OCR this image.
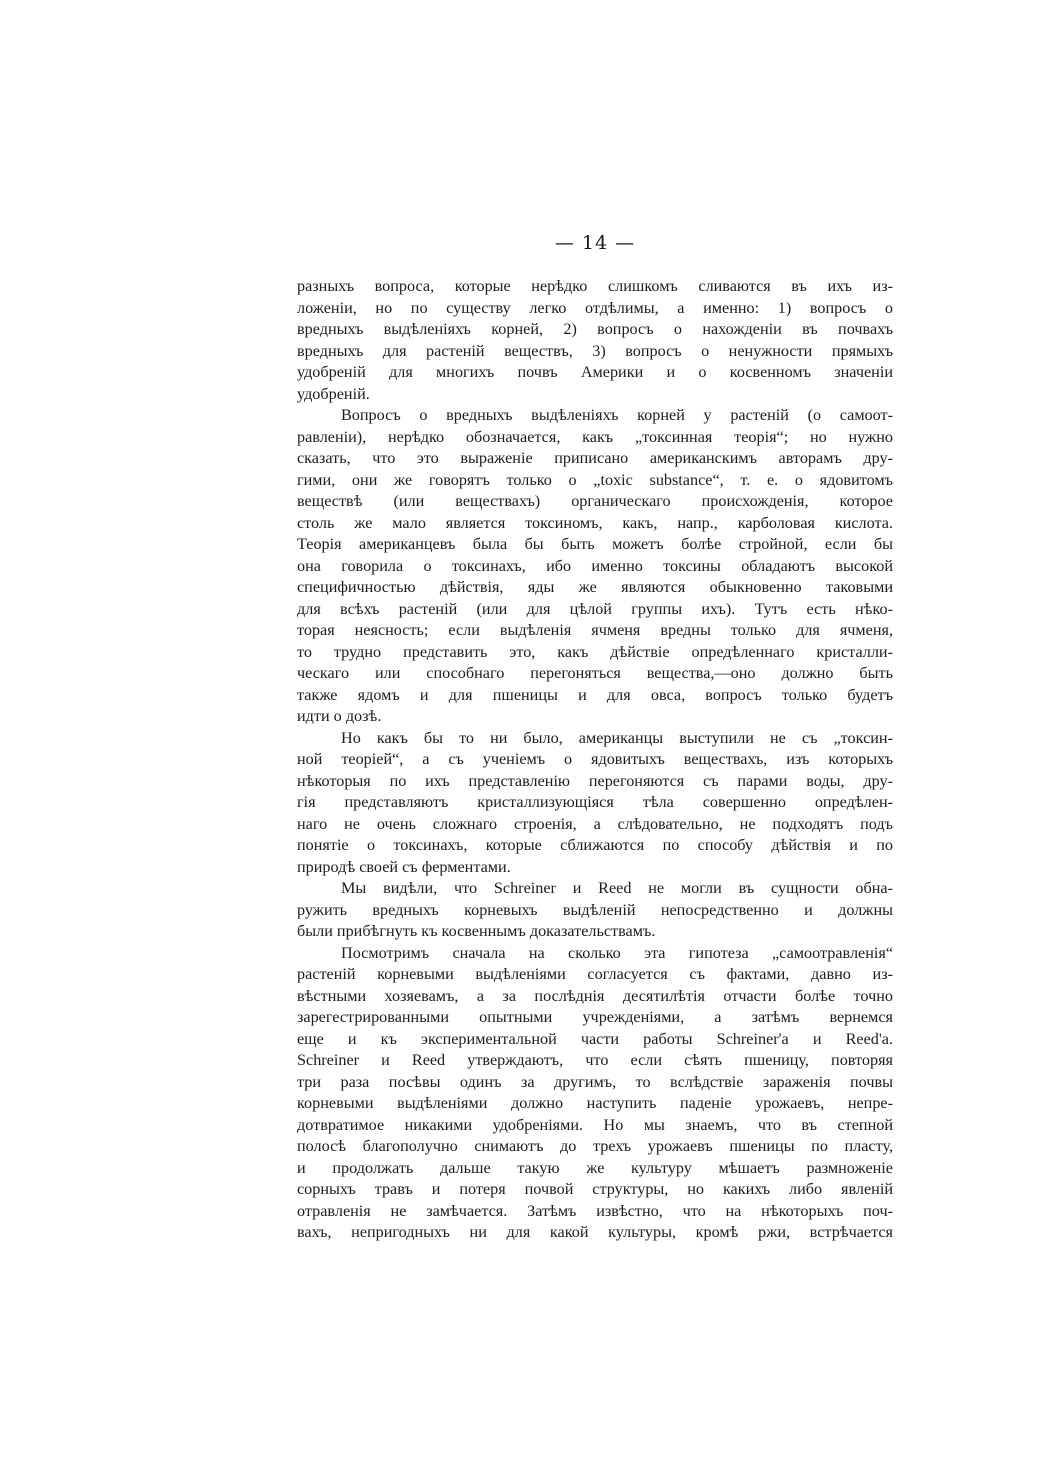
— 14 —
разныхъ вопроса, которые нерѣдко слишкомъ сливаются въ ихъ из-
ложеніи, но по существу легко отдѣлимы, а именно: 1) вопросъ о
вредныхъ выдѣленіяхъ корней, 2) вопросъ о нахожденіи въ почвахъ
вредныхъ для растеній веществъ, 3) вопросъ о ненужности прямыхъ
удобреній для многихъ почвъ Америки и о косвенномъ значеніи
удобреній.
Вопросъ о вредныхъ выдѣленіяхъ корней у растеній (о самоот-
равленіи), нерѣдко обозначается, какъ „токсинная теорія“; но нужно
сказать, что это выраженіе приписано американскимъ авторамъ дру-
гими, они же говорятъ только о „toxic substance“, т. е. о ядовитомъ
веществѣ (или веществахъ) органическаго происхожденія, которое
столь же мало является токсиномъ, какъ, напр., карболовая кислота.
Теорія американцевъ была бы быть можетъ болѣе стройной, если бы
она говорила о токсинахъ, ибо именно токсины обладаютъ высокой
специфичностью дѣйствія, яды же являются обыкновенно таковыми
для всѣхъ растеній (или для цѣлой группы ихъ). Тутъ есть нѣко-
торая неясность; если выдѣленія ячменя вредны только для ячменя,
то трудно представить это, какъ дѣйствіе опредѣленнаго кристалли-
ческаго или способнаго перегоняться вещества,—оно должно быть
также ядомъ и для пшеницы и для овса, вопросъ только будетъ
идти о дозѣ.
Но какъ бы то ни было, американцы выступили не съ „токсин-
ной теоріей“, а съ ученіемъ о ядовитыхъ веществахъ, изъ которыхъ
нѣкоторыя по ихъ представленію перегоняются съ парами воды, дру-
гія представляютъ кристаллизующіяся тѣла совершенно опредѣлен-
наго не очень сложнаго строенія, а слѣдовательно, не подходятъ подъ
понятіе о токсинахъ, которые сближаются по способу дѣйствія и по
природѣ своей съ ферментами.
Мы видѣли, что Schreiner и Reed не могли въ сущности обна-
ружить вредныхъ корневыхъ выдѣленій непосредственно и должны
были прибѣгнуть къ косвеннымъ доказательствамъ.
Посмотримъ сначала на сколько эта гипотеза „самоотравленія“
растеній корневыми выдѣленіями согласуется съ фактами, давно из-
вѣстными хозяевамъ, а за послѣднія десятилѣтія отчасти болѣе точно
зарегестрированными опытными учрежденіями, а затѣмъ вернемся
еще и къ экспериментальной части работы Schreiner'а и Reed'а.
Schreiner и Reed утверждаютъ, что если сѣять пшеницу, повторяя
три раза посѣвы одинъ за другимъ, то вслѣдствіе зараженія почвы
корневыми выдѣленіями должно наступить паденіе урожаевъ, непре-
дотвратимое никакими удобреніями. Но мы знаемъ, что въ степной
полосѣ благополучно снимаютъ до трехъ урожаевъ пшеницы по пласту,
и продолжать дальше такую же культуру мѣшаетъ размноженіе
сорныхъ травъ и потеря почвой структуры, но какихъ либо явленій
отравленія не замѣчается. Затѣмъ извѣстно, что на нѣкоторыхъ поч-
вахъ, непригодныхъ ни для какой культуры, кромѣ ржи, встрѣчается
